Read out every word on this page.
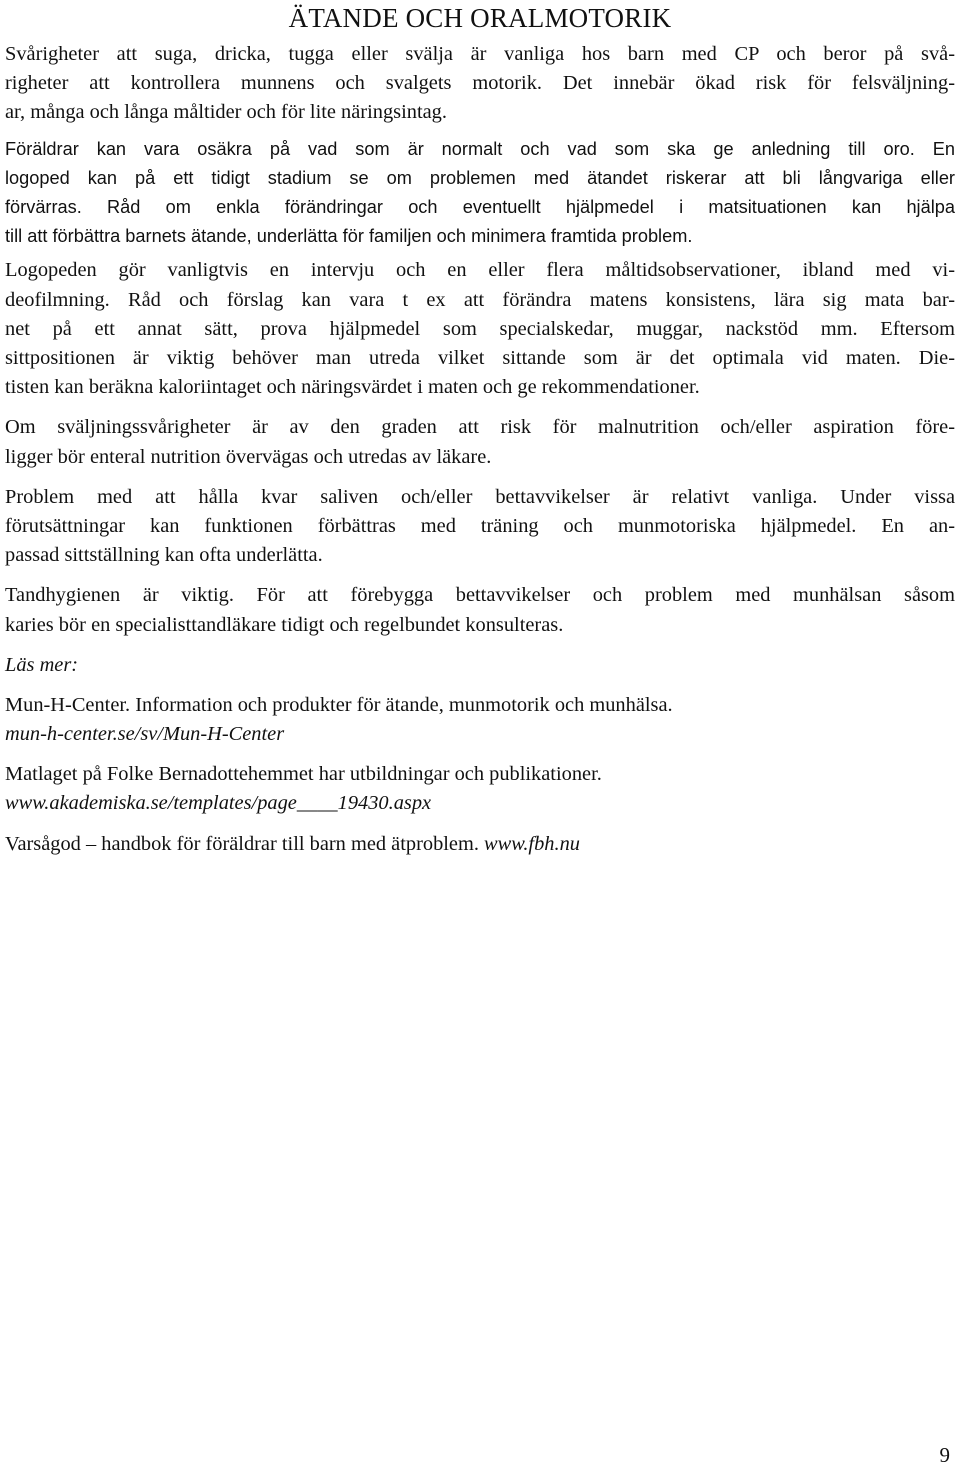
ÄTANDE OCH ORALMOTORIK
Svårigheter att suga, dricka, tugga eller svälja är vanliga hos barn med CP och beror på svå-
righeter att kontrollera munnens och svalgets motorik. Det innebär ökad risk för felsväljning-
ar, många och långa måltider och för lite näringsintag.
Föräldrar kan vara osäkra på vad som är normalt och vad som ska ge anledning till oro. En
logoped kan på ett tidigt stadium se om problemen med ätandet riskerar att bli långvariga eller
förvärras. Råd om enkla förändringar och eventuellt hjälpmedel i matsituationen kan hjälpa
till att förbättra barnets ätande, underlätta för familjen och minimera framtida problem.
Logopeden gör vanligtvis en intervju och en eller flera måltidsobservationer, ibland med vi-
deofilmning. Råd och förslag kan vara t ex att förändra matens konsistens, lära sig mata bar-
net på ett annat sätt, prova hjälpmedel som specialskedar, muggar, nackstöd mm. Eftersom
sittpositionen är viktig behöver man utreda vilket sittande som är det optimala vid maten. Die-
tisten kan beräkna kaloriintaget och näringsvärdet i maten och ge rekommendationer.
Om sväljningssvårigheter är av den graden att risk för malnutrition och/eller aspiration före-
ligger bör enteral nutrition övervägas och utredas av läkare.
Problem med att hålla kvar saliven och/eller bettavvikelser är relativt vanliga. Under vissa
förutsättningar kan funktionen förbättras med träning och munmotoriska hjälpmedel. En an-
passad sittställning kan ofta underlätta.
Tandhygienen är viktig. För att förebygga bettavvikelser och problem med munhälsan såsom
karies bör en specialisttandläkare tidigt och regelbundet konsulteras.
Läs mer:
Mun-H-Center. Information och produkter för ätande, munmotorik och munhälsa.
mun-h-center.se/sv/Mun-H-Center
Matlaget på Folke Bernadottehemmet har utbildningar och publikationer.
www.akademiska.se/templates/page____19430.aspx
Varsågod – handbok för föräldrar till barn med ätproblem. www.fbh.nu
9
